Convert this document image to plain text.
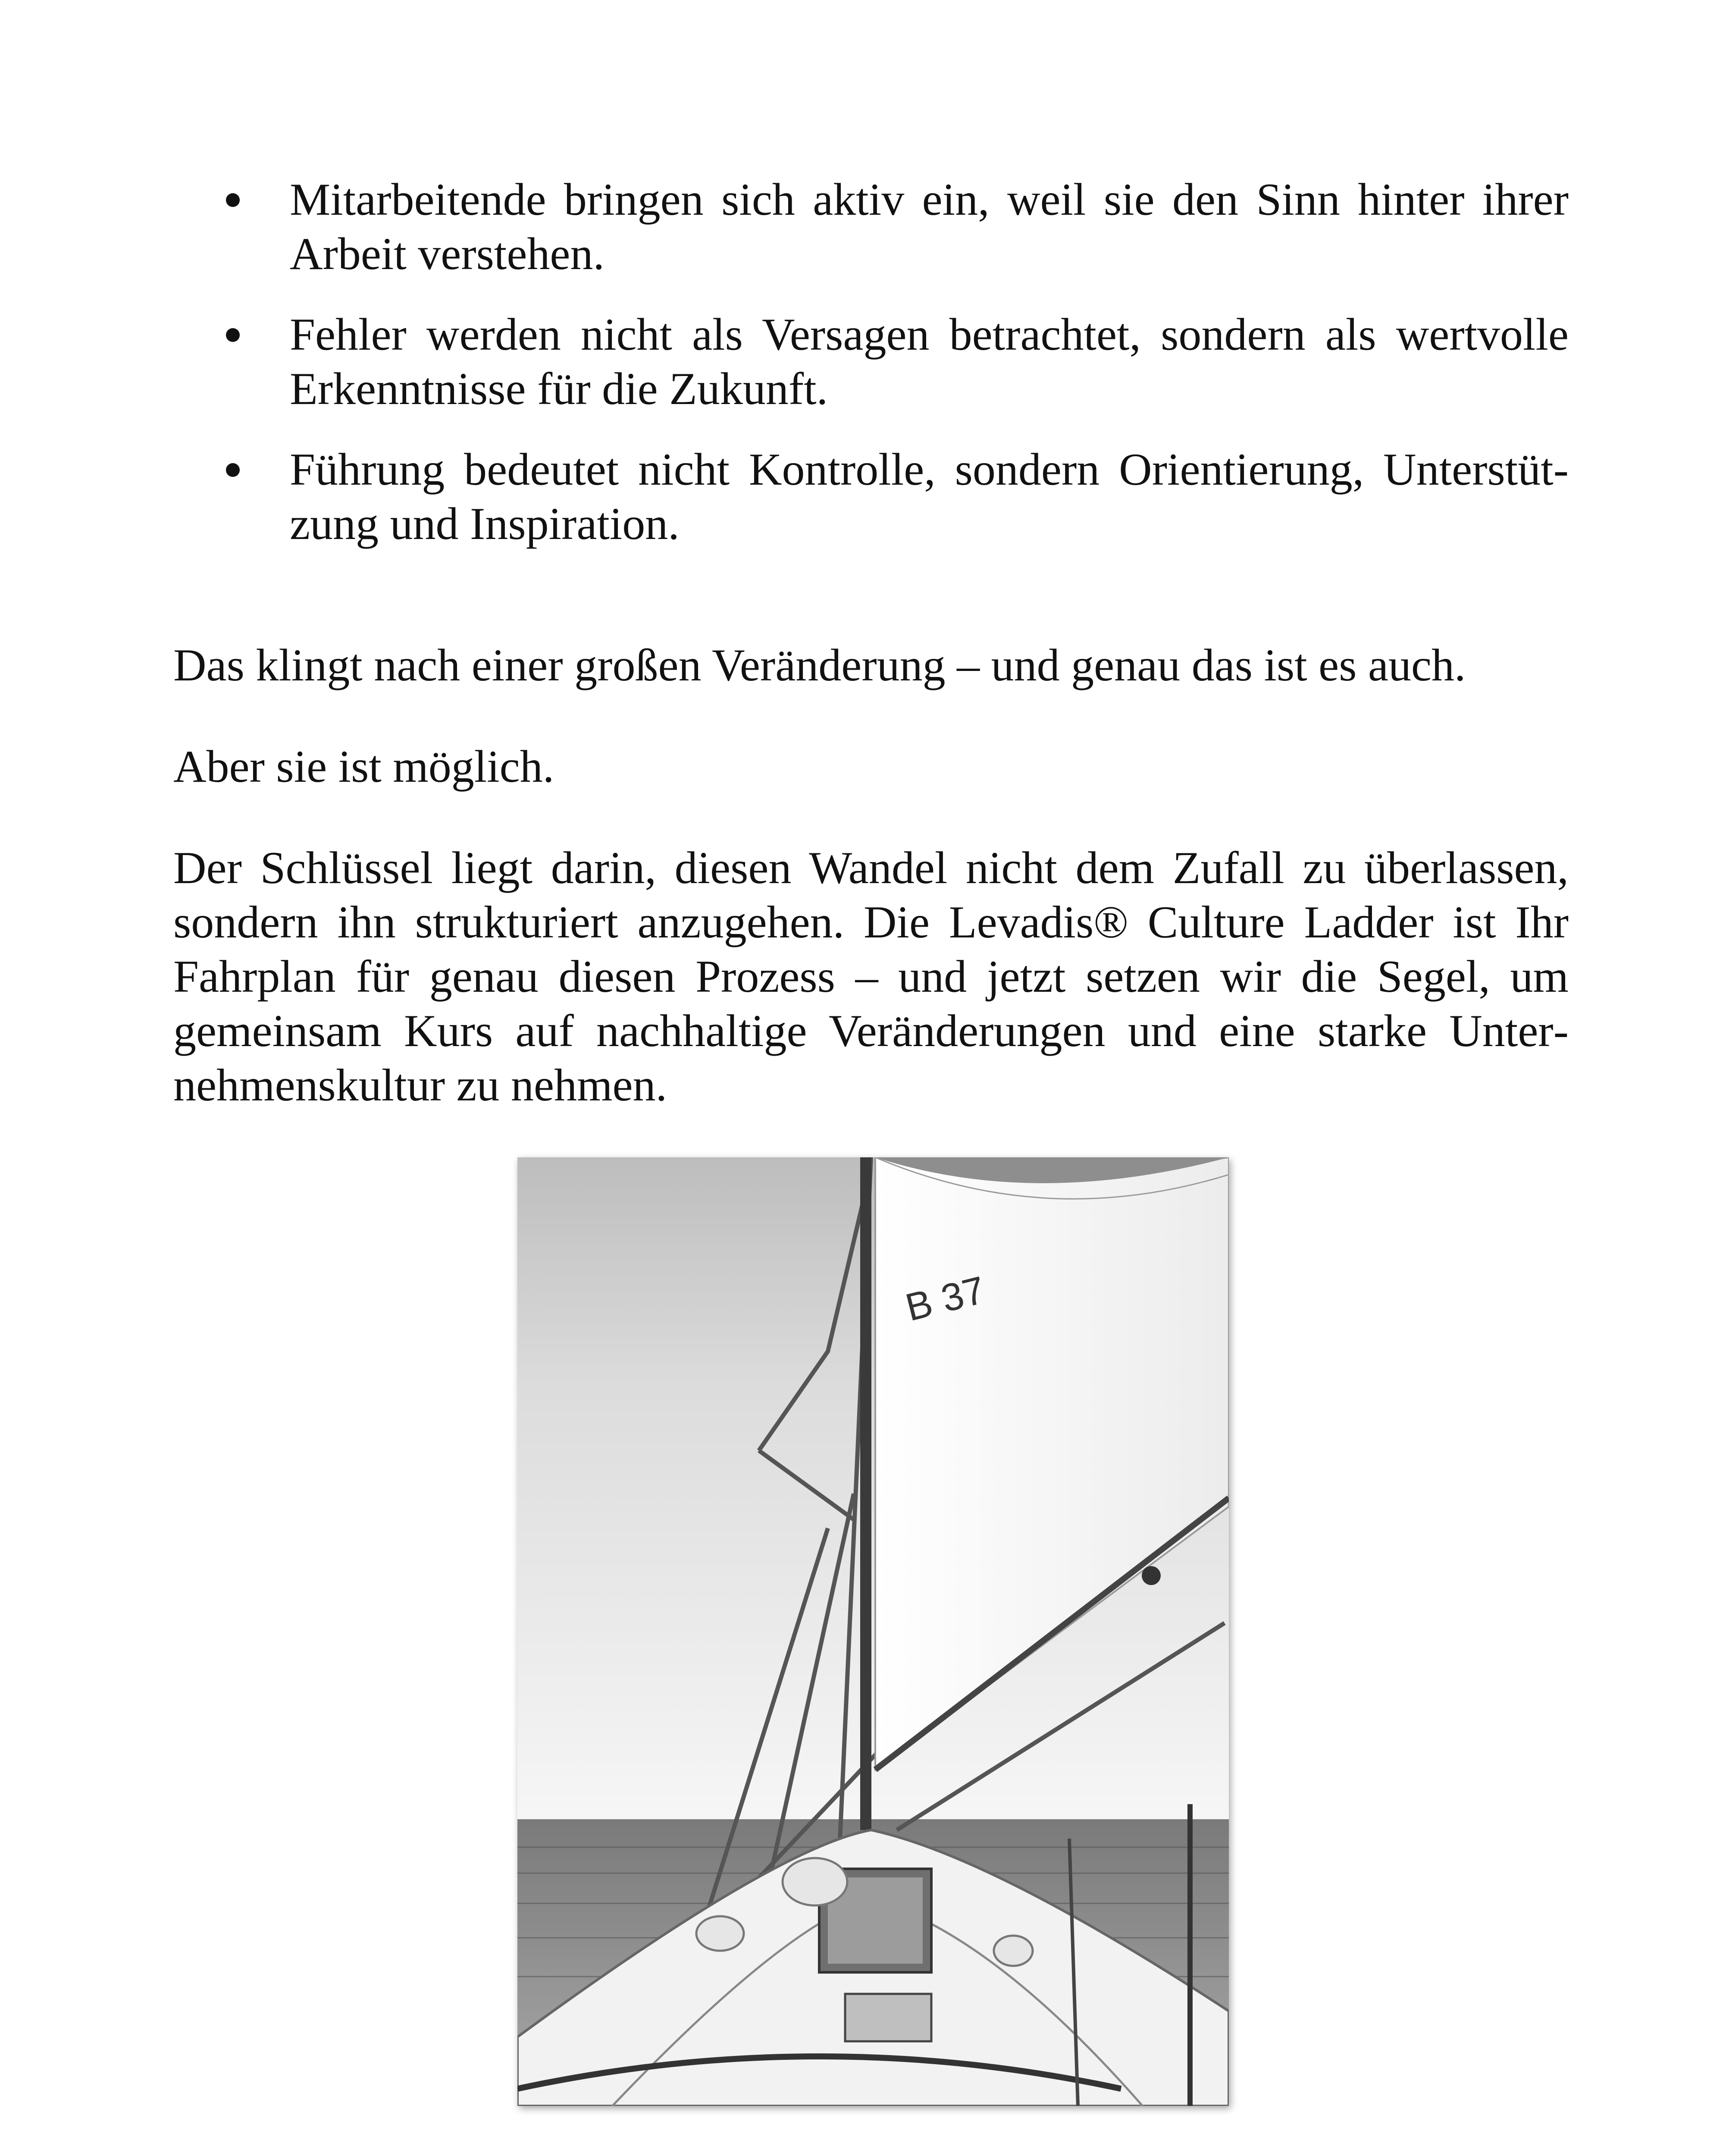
Mitarbeitende bringen sich aktiv ein, weil sie den Sinn hinter ihrer Arbeit verstehen.
Fehler werden nicht als Versagen betrachtet, sondern als wertvolle Erkenntnisse für die Zukunft.
Führung bedeutet nicht Kontrolle, sondern Orientierung, Unterstützung und Inspiration.

Das klingt nach einer großen Veränderung – und genau das ist es auch.

Aber sie ist möglich.

Der Schlüssel liegt darin, diesen Wandel nicht dem Zufall zu überlassen, sondern ihn strukturiert anzugehen. Die Levadis® Culture Ladder ist Ihr Fahrplan für genau diesen Prozess – und jetzt setzen wir die Segel, um gemeinsam Kurs auf nachhaltige Veränderungen und eine starke Unternehmenskultur zu nehmen.

B 37
